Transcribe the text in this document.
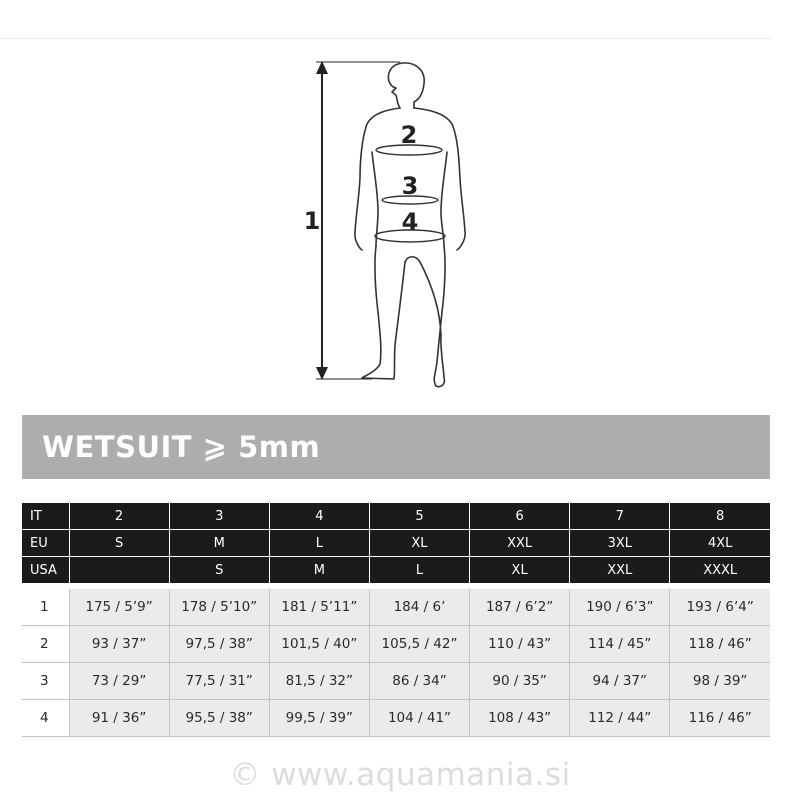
1
2
3
4
WETSUIT ⩾ 5mm
IT	2	3	4	5	6	7	8
EU	S	M	L	XL	XXL	3XL	4XL
USA		S	M	L	XL	XXL	XXXL
1	175 / 5’9”	178 / 5’10”	181 / 5’11”	184 / 6’	187 / 6’2”	190 / 6’3”	193 / 6’4”
2	93 / 37”	97,5 / 38”	101,5 / 40”	105,5 / 42”	110 / 43”	114 / 45”	118 / 46”
3	73 / 29”	77,5 / 31”	81,5 / 32”	86 / 34”	90 / 35”	94 / 37”	98 / 39”
4	91 / 36”	95,5 / 38”	99,5 / 39”	104 / 41”	108 / 43”	112 / 44”	116 / 46”
© www.aquamania.si
